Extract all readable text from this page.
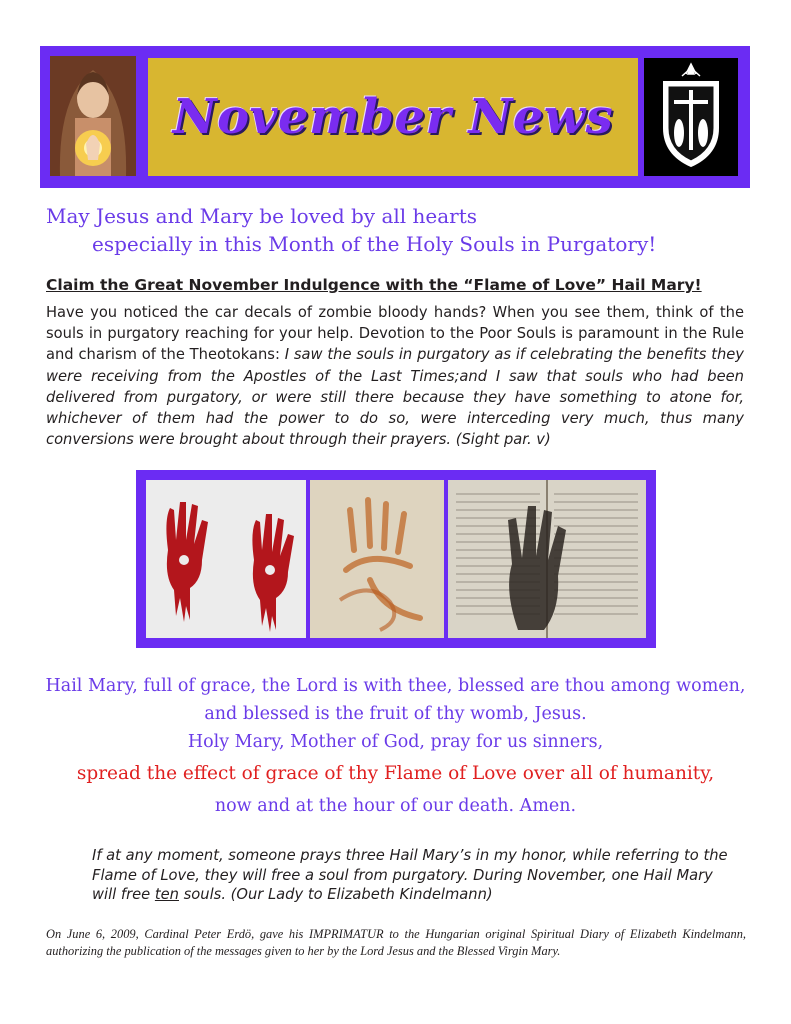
November News
May Jesus and Mary be loved by all hearts
especially in this Month of the Holy Souls in Purgatory!
Claim the Great November Indulgence with the “Flame of Love” Hail Mary!
Have you noticed the car decals of zombie bloody hands? When you see them, think of the souls in purgatory reaching for your help. Devotion to the Poor Souls is paramount in the Rule and charism of the Theotokans: I saw the souls in purgatory as if celebrating the benefits they were receiving from the Apostles of the Last Times;and I saw that souls who had been delivered from purgatory, or were still there because they have something to atone for, whichever of them had the power to do so, were interceding very much, thus many conversions were brought about through their prayers. (Sight par. v)
Hail Mary, full of grace, the Lord is with thee, blessed are thou among women,
and blessed is the fruit of thy womb, Jesus.
Holy Mary, Mother of God, pray for us sinners,
spread the effect of grace of thy Flame of Love over all of humanity,
now and at the hour of our death. Amen.
If at any moment, someone prays three Hail Mary’s in my honor, while referring to the Flame of Love, they will free a soul from purgatory. During November, one Hail Mary will free ten souls. (Our Lady to Elizabeth Kindelmann)
On June 6, 2009, Cardinal Peter Erdö, gave his IMPRIMATUR to the Hungarian original Spiritual Diary of Elizabeth Kindelmann, authorizing the publication of the messages given to her by the Lord Jesus and the Blessed Virgin Mary.
